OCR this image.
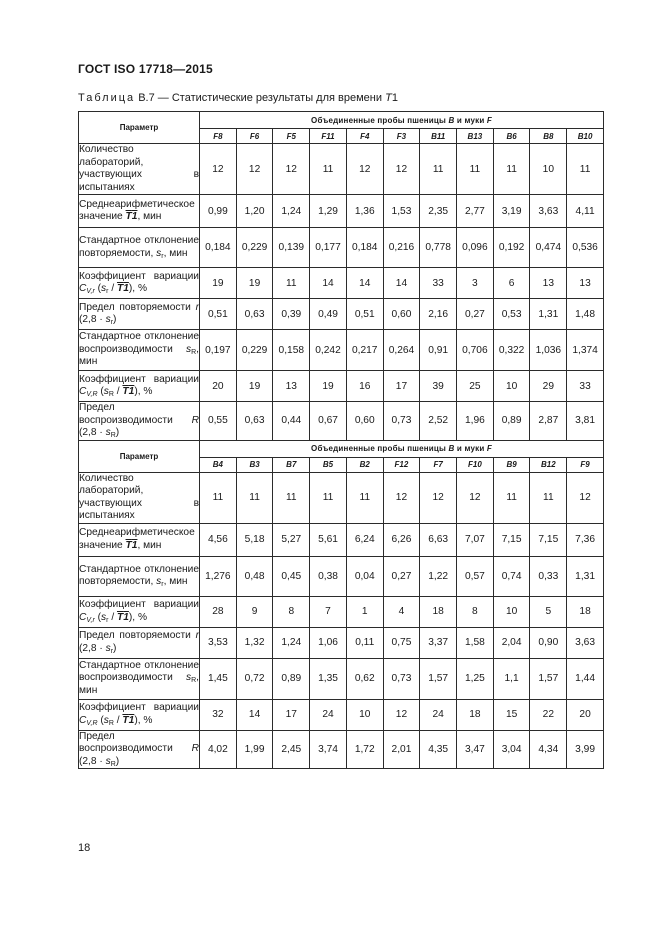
ГОСТ ISO 17718—2015
Таблица В.7 — Статистические результаты для времени T1
Параметр	Объединенные пробы пшеницы B и муки F										
	F8	F6	F5	F11	F4	F3	B11	B13	B6	B8	B10
Количество лабораторий, участвующих в испытаниях	12	12	12	11	12	12	11	11	11	10	11
Среднеарифметическое значение T1, мин	0,99	1,20	1,24	1,29	1,36	1,53	2,35	2,77	3,19	3,63	4,11
Стандартное отклонение повторяемости, $s_r$, мин	0,184	0,229	0,139	0,177	0,184	0,216	0,778	0,096	0,192	0,474	0,536
Коэффициент вариации $C_{V,r}$ $(s_r / T1)$, %	19	19	11	14	14	14	33	3	6	13	13
Предел повторяемости r $(2,8 \cdot s_r)$	0,51	0,63	0,39	0,49	0,51	0,60	2,16	0,27	0,53	1,31	1,48
Стандартное отклонение воспроизводимости $s_R$, мин	0,197	0,229	0,158	0,242	0,217	0,264	0,91	0,706	0,322	1,036	1,374
Коэффициент вариации $C_{V,R}$ $(s_R / T1)$, %	20	19	13	19	16	17	39	25	10	29	33
Предел воспроизводимости R $(2,8 \cdot s_R)$	0,55	0,63	0,44	0,67	0,60	0,73	2,52	1,96	0,89	2,87	3,81
Параметр	Объединенные пробы пшеницы B и муки F										
	B4	B3	B7	B5	B2	F12	F7	F10	B9	B12	F9
Количество лабораторий, участвующих в испытаниях	11	11	11	11	11	12	12	12	11	11	12
Среднеарифметическое значение T1, мин	4,56	5,18	5,27	5,61	6,24	6,26	6,63	7,07	7,15	7,15	7,36
Стандартное отклонение повторяемости, $s_r$, мин	1,276	0,48	0,45	0,38	0,04	0,27	1,22	0,57	0,74	0,33	1,31
Коэффициент вариации $C_{V,r}$ $(s_r / T1)$, %	28	9	8	7	1	4	18	8	10	5	18
Предел повторяемости r $(2,8 \cdot s_r)$	3,53	1,32	1,24	1,06	0,11	0,75	3,37	1,58	2,04	0,90	3,63
Стандартное отклонение воспроизводимости $s_R$, мин	1,45	0,72	0,89	1,35	0,62	0,73	1,57	1,25	1,1	1,57	1,44
Коэффициент вариации $C_{V,R}$ $(s_R / T1)$, %	32	14	17	24	10	12	24	18	15	22	20
Предел воспроизводимости R $(2,8 \cdot s_R)$	4,02	1,99	2,45	3,74	1,72	2,01	4,35	3,47	3,04	4,34	3,99
18
